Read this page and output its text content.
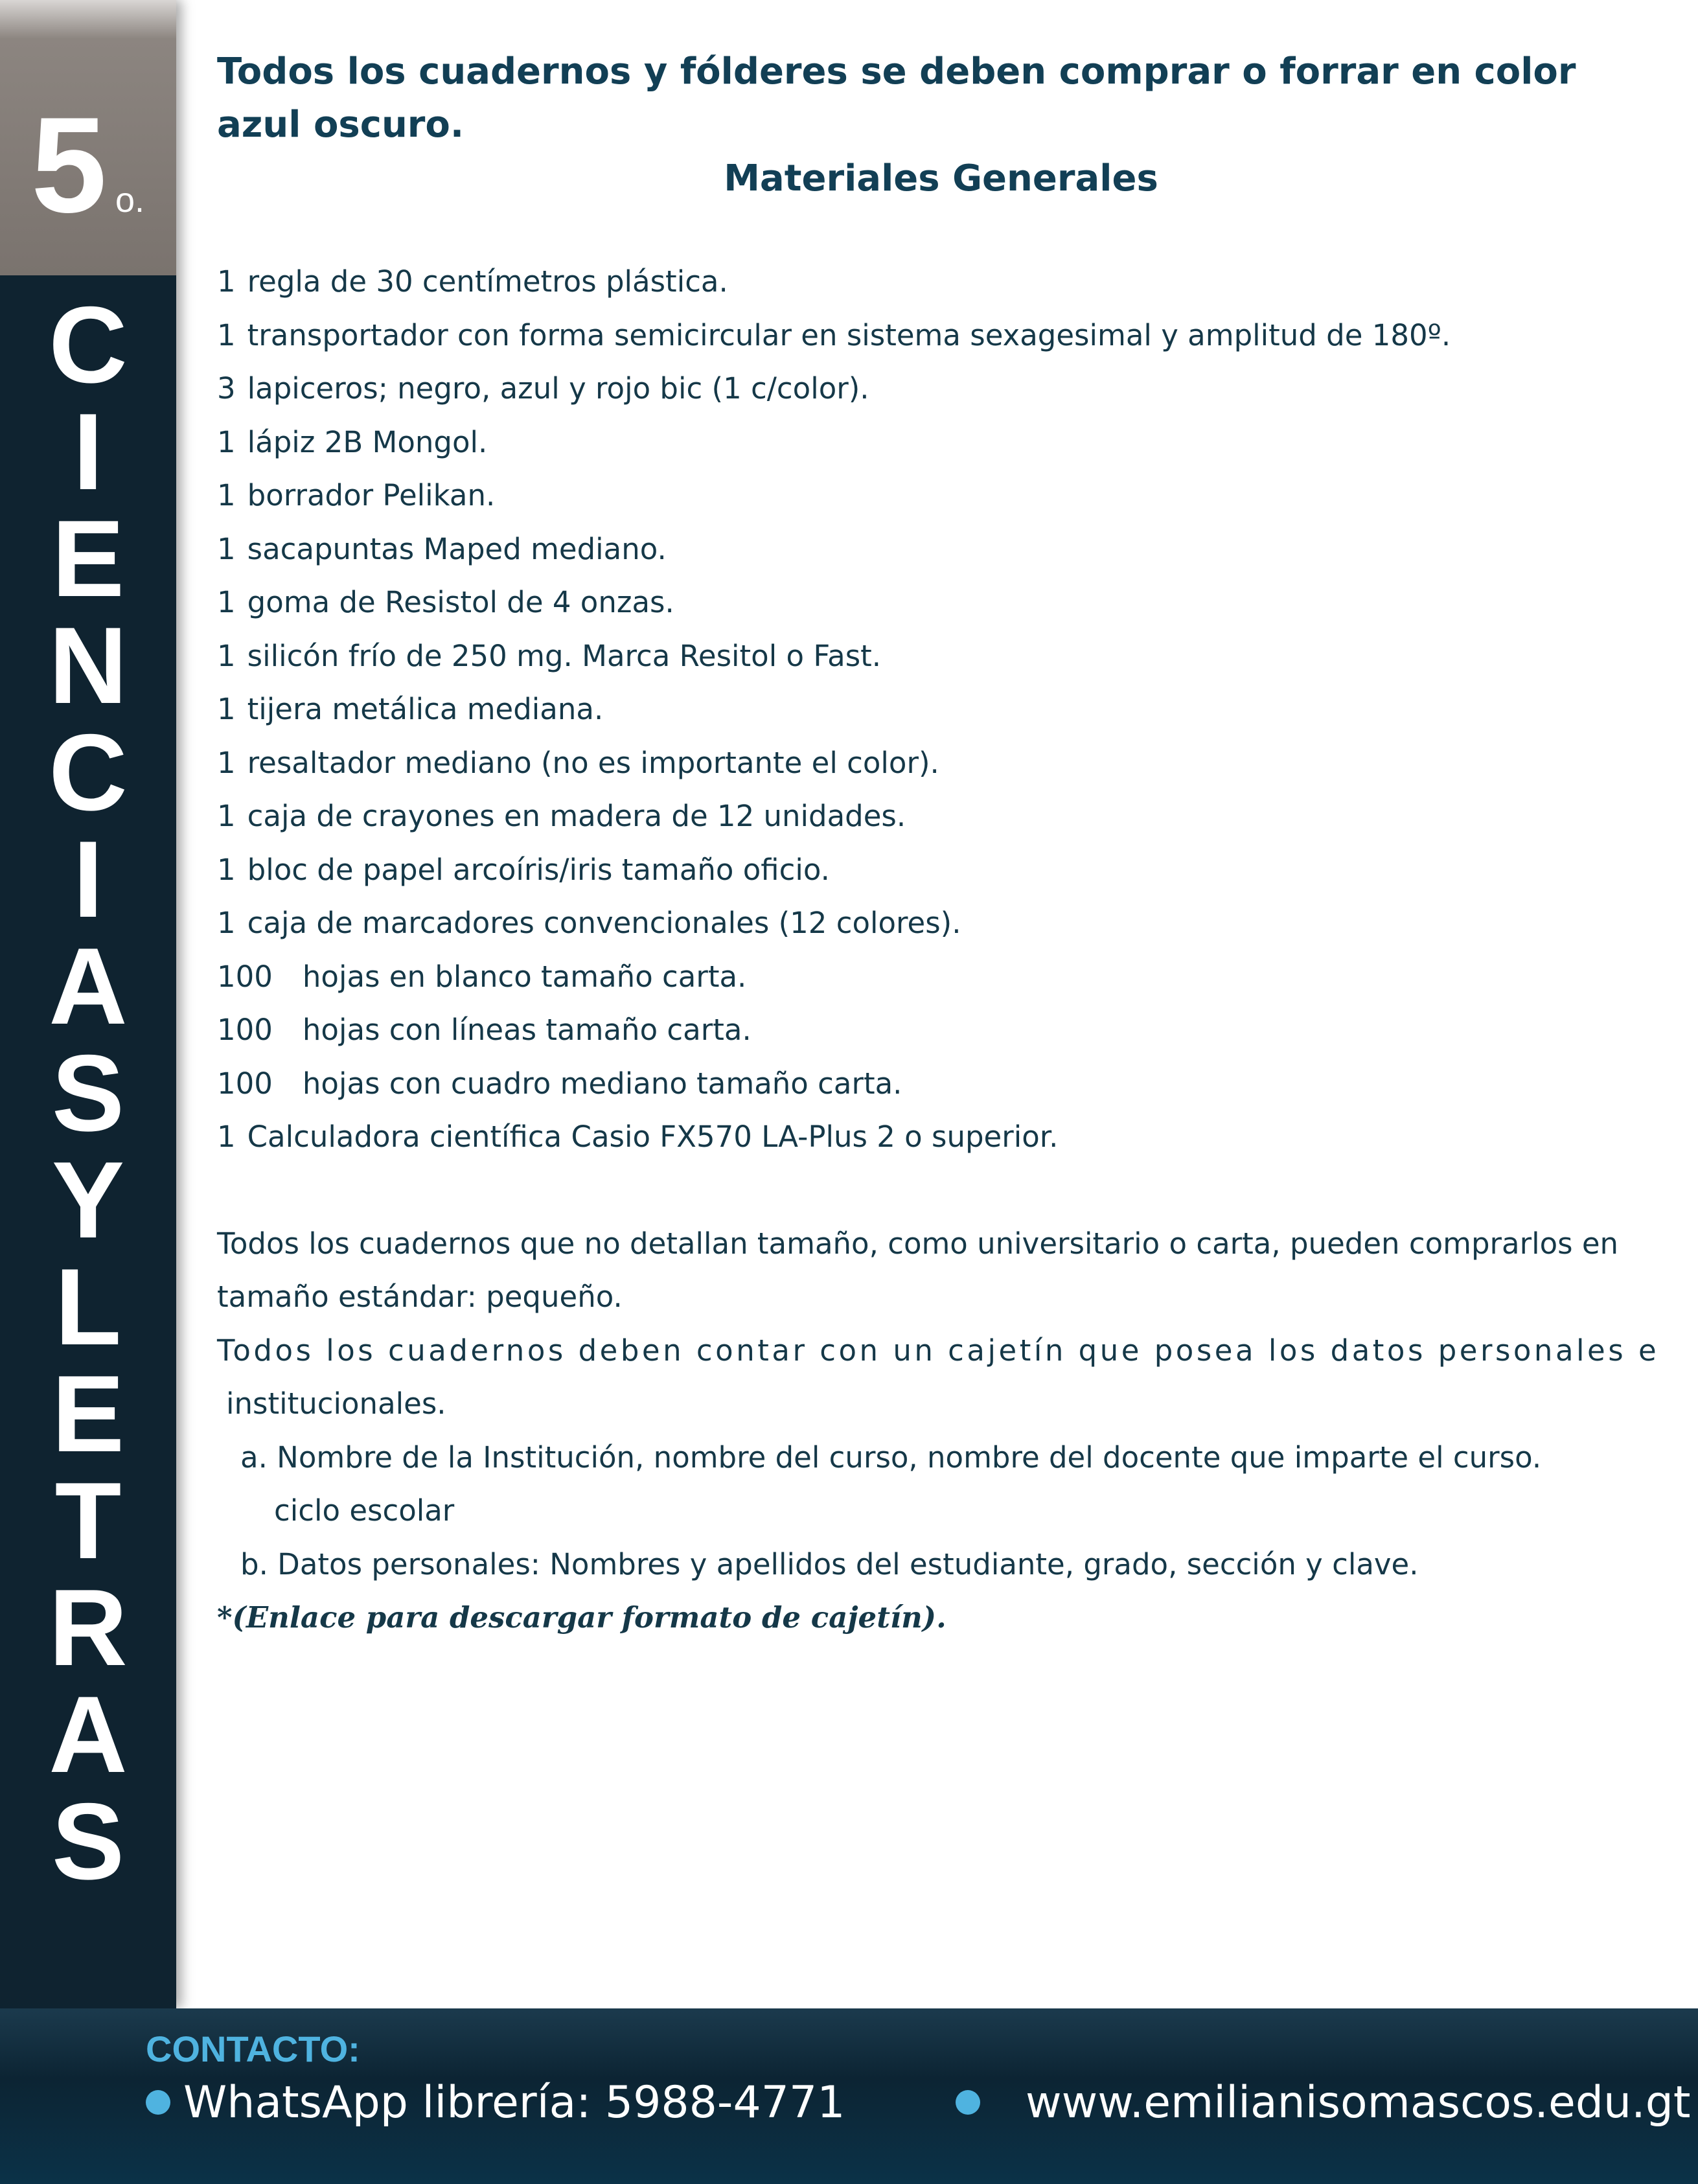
5 o.
C
I
E
N
C
I
A
S
Y
L
E
T
R
A
S

Todos los cuadernos y fólderes se deben comprar o forrar en color azul oscuro.

Materiales Generales
1 regla de 30 centímetros plástica.
1 transportador con forma semicircular en sistema sexagesimal y amplitud de 180º.
3 lapiceros; negro, azul y rojo bic (1 c/color).
1 lápiz 2B Mongol.
1 borrador Pelikan.
1 sacapuntas Maped mediano.
1 goma de Resistol de 4 onzas.
1 silicón frío de 250 mg. Marca Resitol o Fast.
1 tijera metálica mediana.
1 resaltador mediano (no es importante el color).
1 caja de crayones en madera de 12 unidades.
1 bloc de papel arcoíris/iris tamaño oficio.
1 caja de marcadores convencionales (12 colores).
100 hojas en blanco tamaño carta.
100 hojas con líneas tamaño carta.
100 hojas con cuadro mediano tamaño carta.
1 Calculadora científica Casio FX570 LA-Plus 2 o superior.

Todos los cuadernos que no detallan tamaño, como universitario o carta, pueden comprarlos en tamaño estándar: pequeño.

Todos los cuadernos deben contar con un cajetín que posea los datos personales e

institucionales.

a. Nombre de la Institución, nombre del curso, nombre del docente que imparte el curso.
ciclo escolar
b. Datos personales: Nombres y apellidos del estudiante, grado, sección y clave.

*(Enlace para descargar formato de cajetín).

CONTACTO:
WhatsApp librería: 5988-4771	www.emilianisomascos.edu.gt
